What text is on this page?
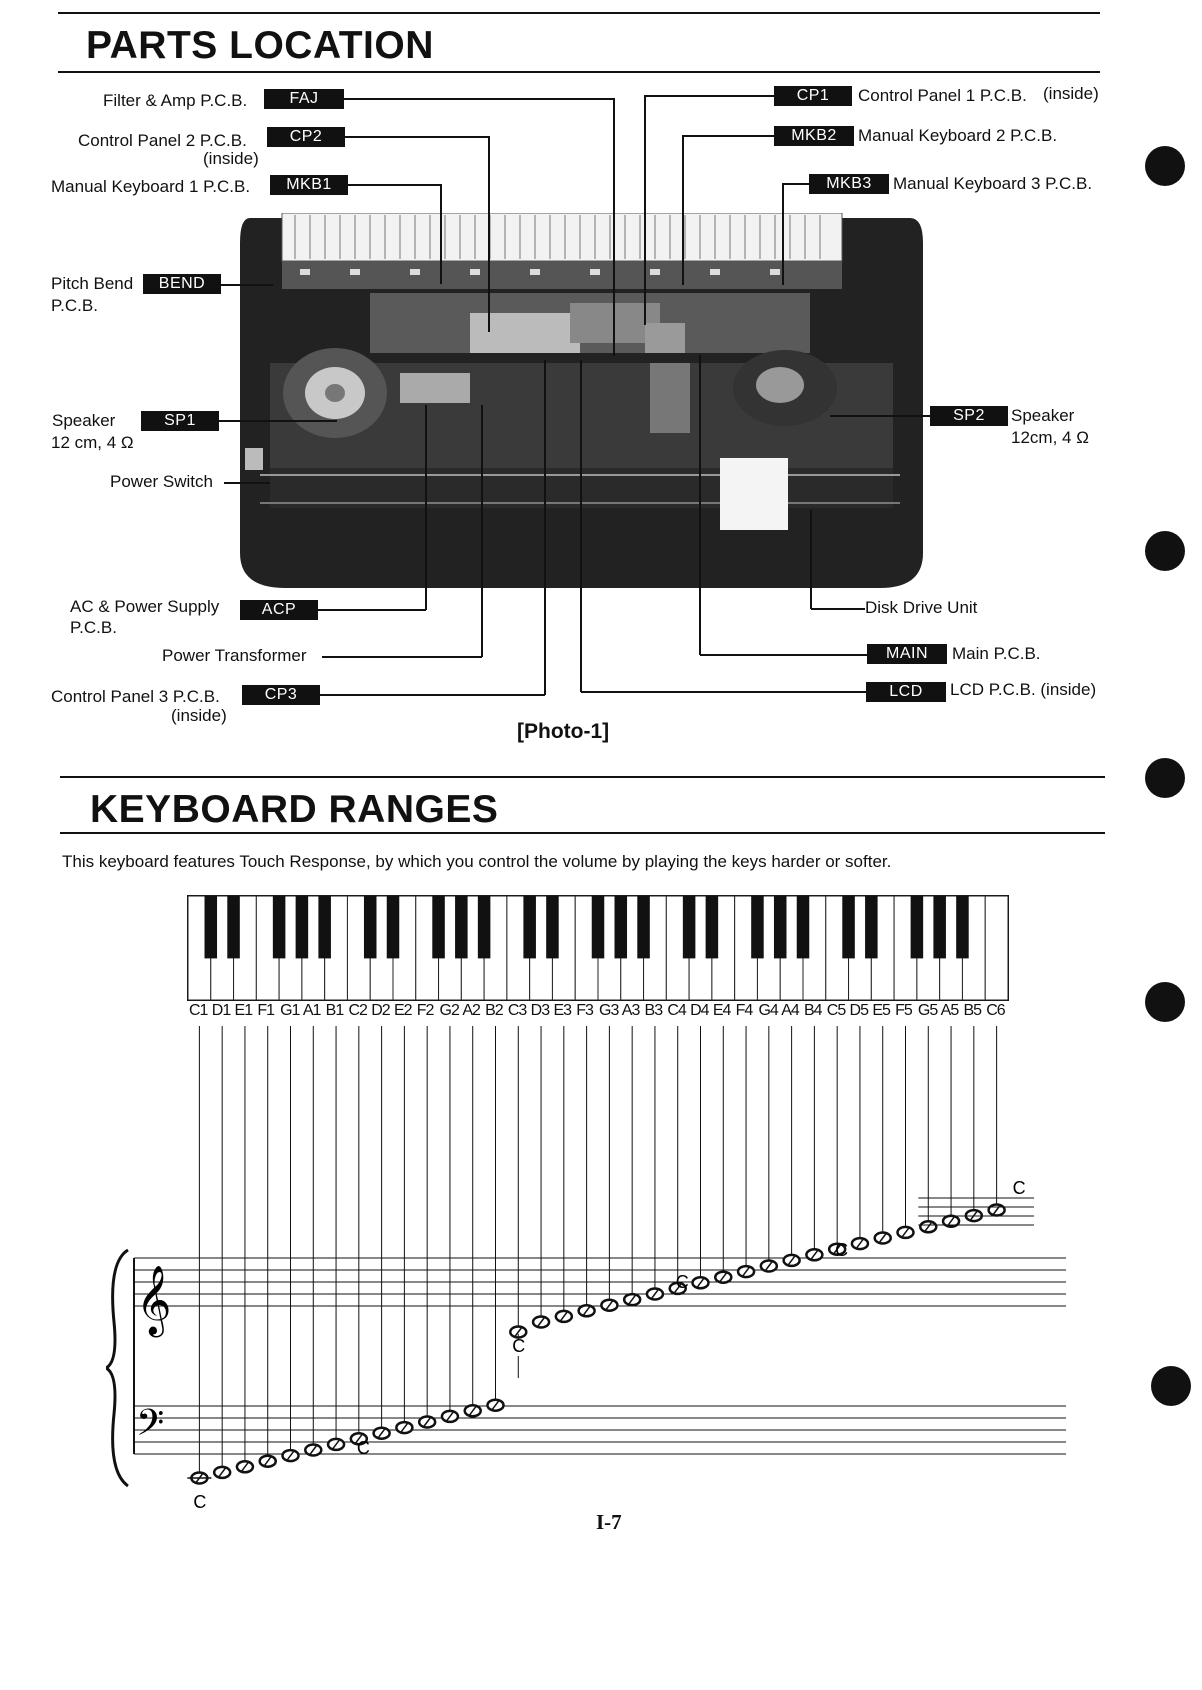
PARTS LOCATION
Filter & Amp P.C.B.	FAJ
Control Panel 2 P.C.B.
(inside)
CP2
Manual Keyboard 1 P.C.B.	MKB1
Pitch Bend
P.C.B.
BEND
Speaker
12 cm, 4 Ω
SP1
Power Switch
AC & Power Supply
P.C.B.
ACP
Power Transformer
Control Panel 3 P.C.B.
(inside)
CP3
CP1	Control Panel 1 P.C.B. (inside)
MKB2	Manual Keyboard 2 P.C.B.
MKB3	Manual Keyboard 3 P.C.B.
SP2	Speaker
12cm, 4 Ω
Disk Drive Unit
MAIN	Main P.C.B.
LCD	LCD P.C.B. (inside)
[Photo-1]
KEYBOARD RANGES
This keyboard features Touch Response, by which you control the volume by playing the keys harder or softer.
C1 D1 E1 F1 G1 A1 B1 C2 D2 E2 F2 G2 A2 B2 C3 D3 E3 F3 G3 A3 B3 C4 D4 E4 F4 G4 A4 B4 C5 D5 E5 F5 G5 A5 B5 C6
𝄞
𝄢
C
C
C
C
C
C
I-7
